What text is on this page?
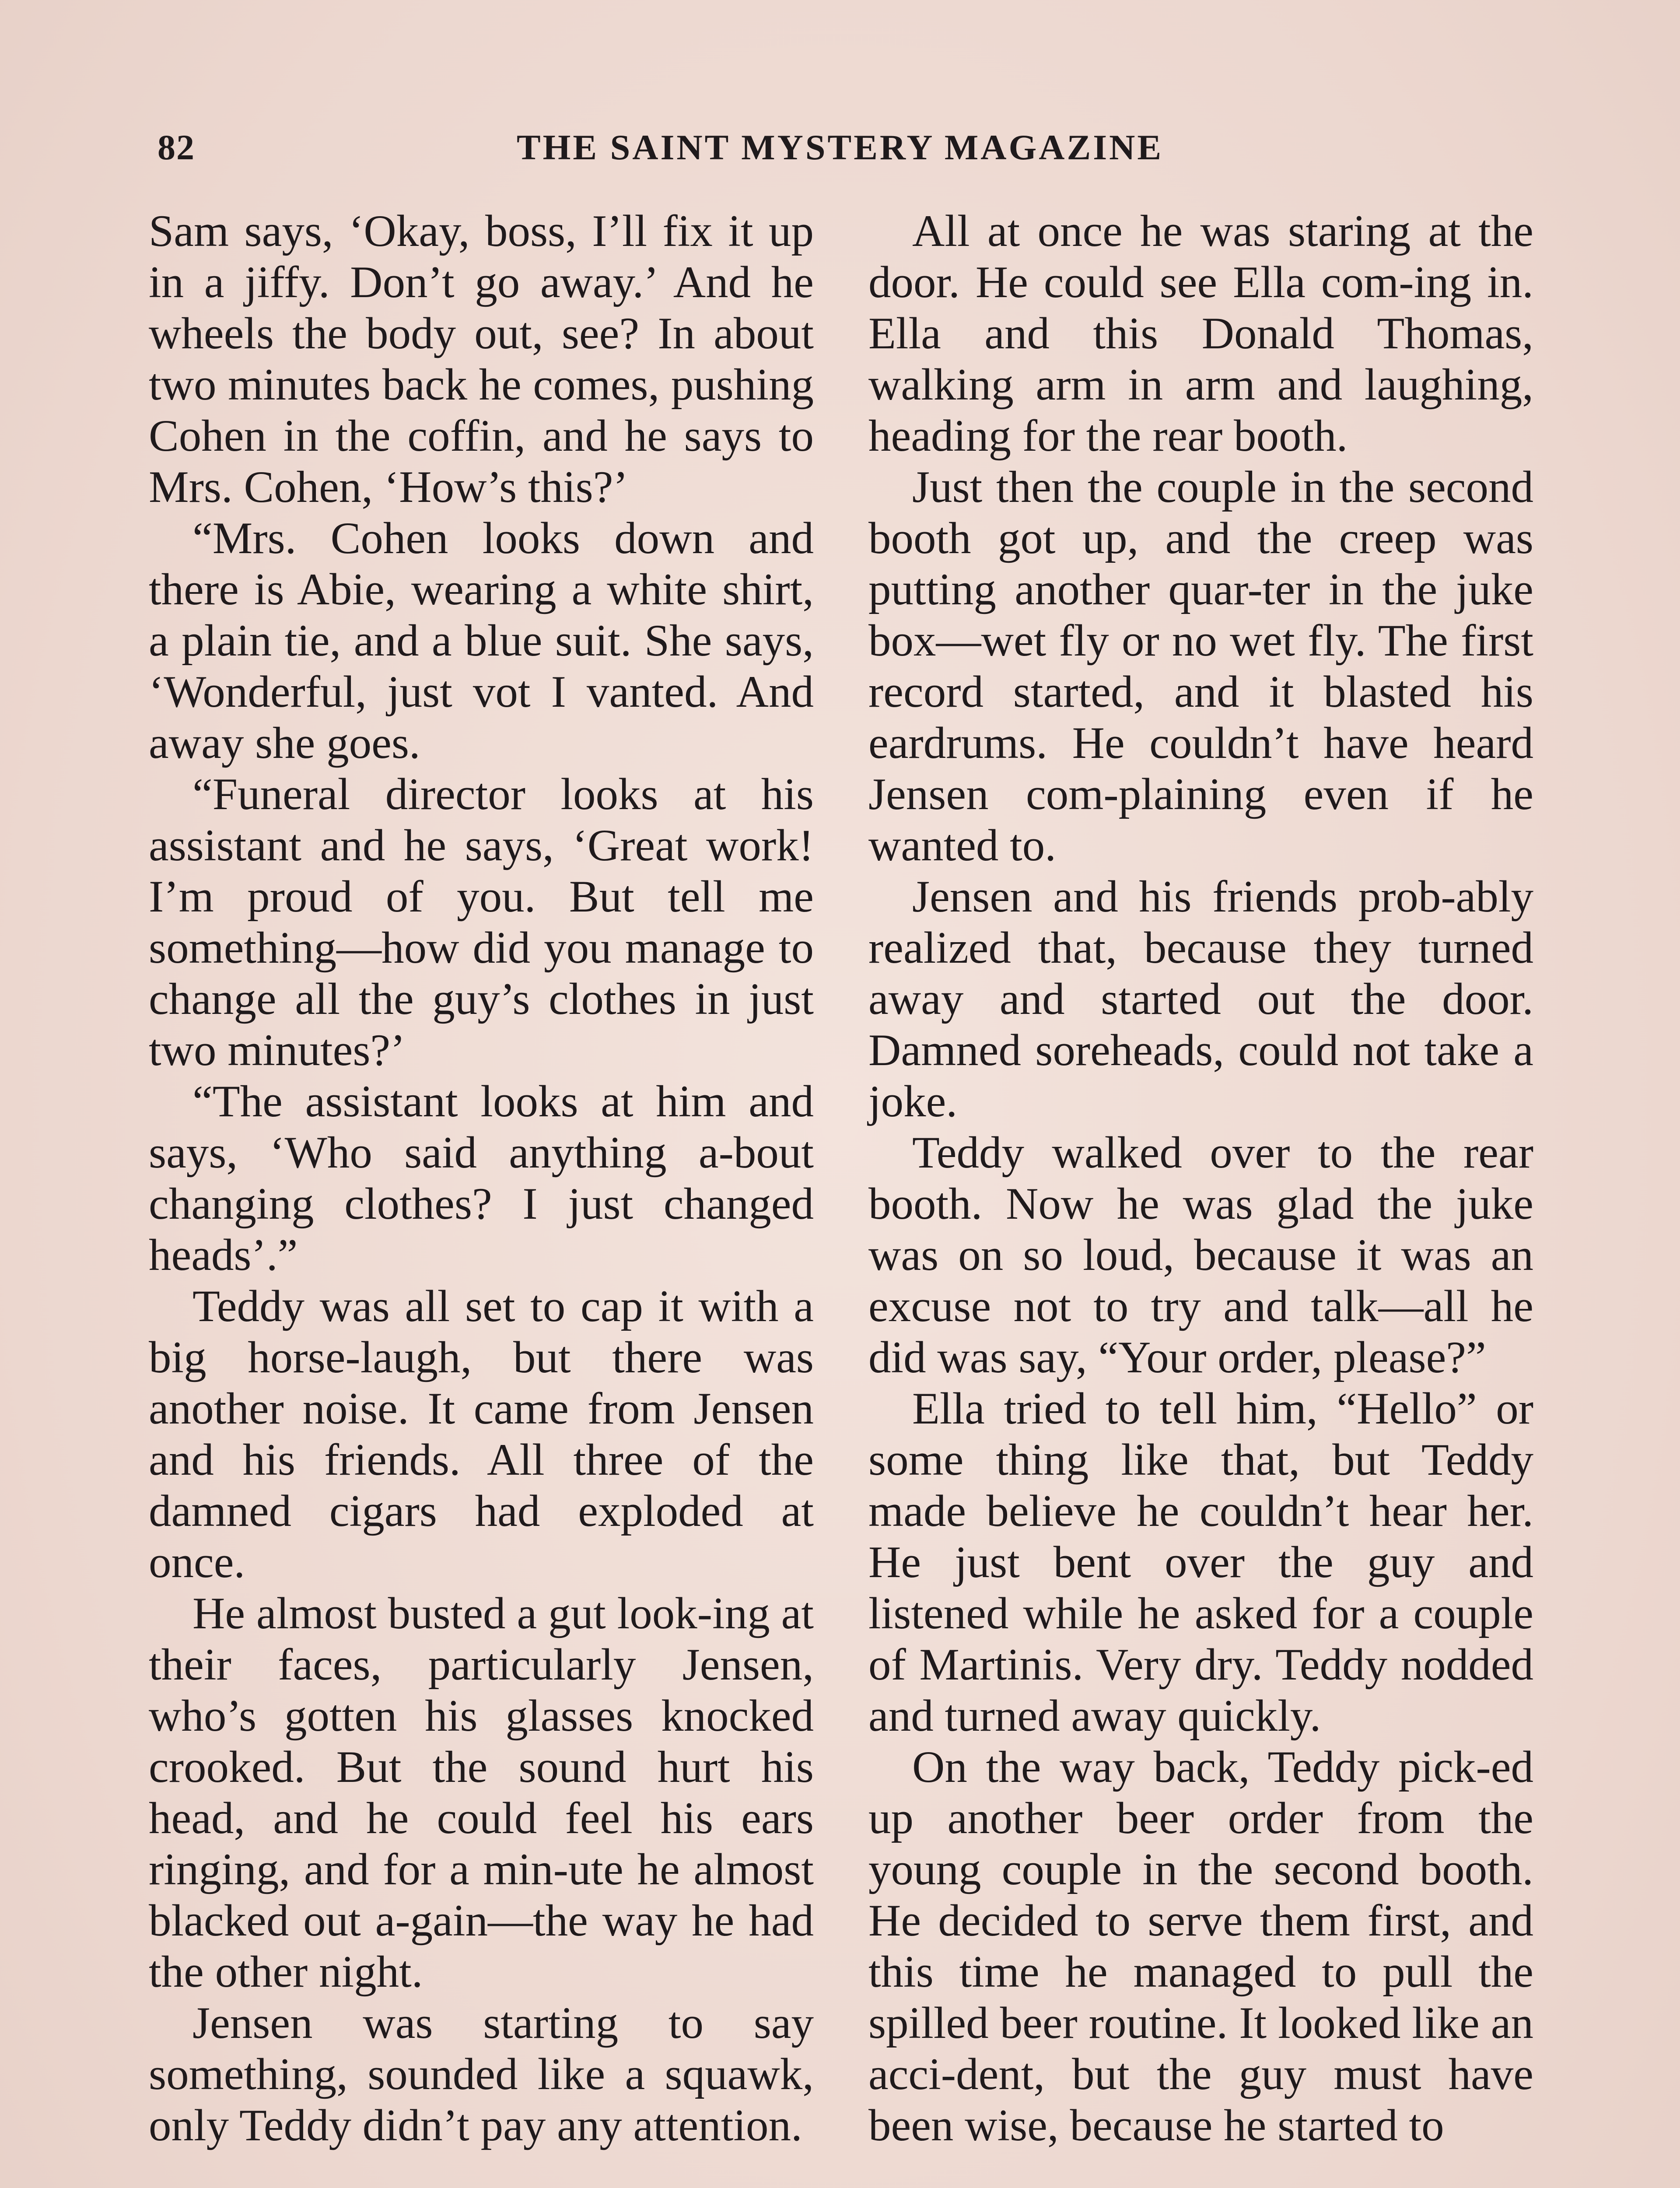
82	THE SAINT MYSTERY MAGAZINE

Sam says, ‘Okay, boss, I’ll fix it up in a jiffy. Don’t go away.’ And he wheels the body out, see? In about two minutes back he comes, pushing Cohen in the coffin, and he says to Mrs. Cohen, ‘How’s this?’

“Mrs. Cohen looks down and there is Abie, wearing a white shirt, a plain tie, and a blue suit. She says, ‘Wonderful, just vot I vanted. And away she goes.

“Funeral director looks at his assistant and he says, ‘Great work! I’m proud of you. But tell me something—how did you manage to change all the guy’s clothes in just two minutes?’

“The assistant looks at him and says, ‘Who said anything a-bout changing clothes? I just changed heads’.”

Teddy was all set to cap it with a big horse-laugh, but there was another noise. It came from Jensen and his friends. All three of the damned cigars had exploded at once.

He almost busted a gut look-ing at their faces, particularly Jensen, who’s gotten his glasses knocked crooked. But the sound hurt his head, and he could feel his ears ringing, and for a min-ute he almost blacked out a-gain—the way he had the other night.

Jensen was starting to say something, sounded like a squawk, only Teddy didn’t pay any attention.

All at once he was staring at the door. He could see Ella com-ing in. Ella and this Donald Thomas, walking arm in arm and laughing, heading for the rear booth.

Just then the couple in the second booth got up, and the creep was putting another quar-ter in the juke box—wet fly or no wet fly. The first record started, and it blasted his eardrums. He couldn’t have heard Jensen com-plaining even if he wanted to.

Jensen and his friends prob-ably realized that, because they turned away and started out the door. Damned soreheads, could not take a joke.

Teddy walked over to the rear booth. Now he was glad the juke was on so loud, because it was an excuse not to try and talk—all he did was say, “Your order, please?”

Ella tried to tell him, “Hello” or some thing like that, but Teddy made believe he couldn’t hear her. He just bent over the guy and listened while he asked for a couple of Martinis. Very dry. Teddy nodded and turned away quickly.

On the way back, Teddy pick-ed up another beer order from the young couple in the second booth. He decided to serve them first, and this time he managed to pull the spilled beer routine. It looked like an acci-dent, but the guy must have been wise, because he started to
